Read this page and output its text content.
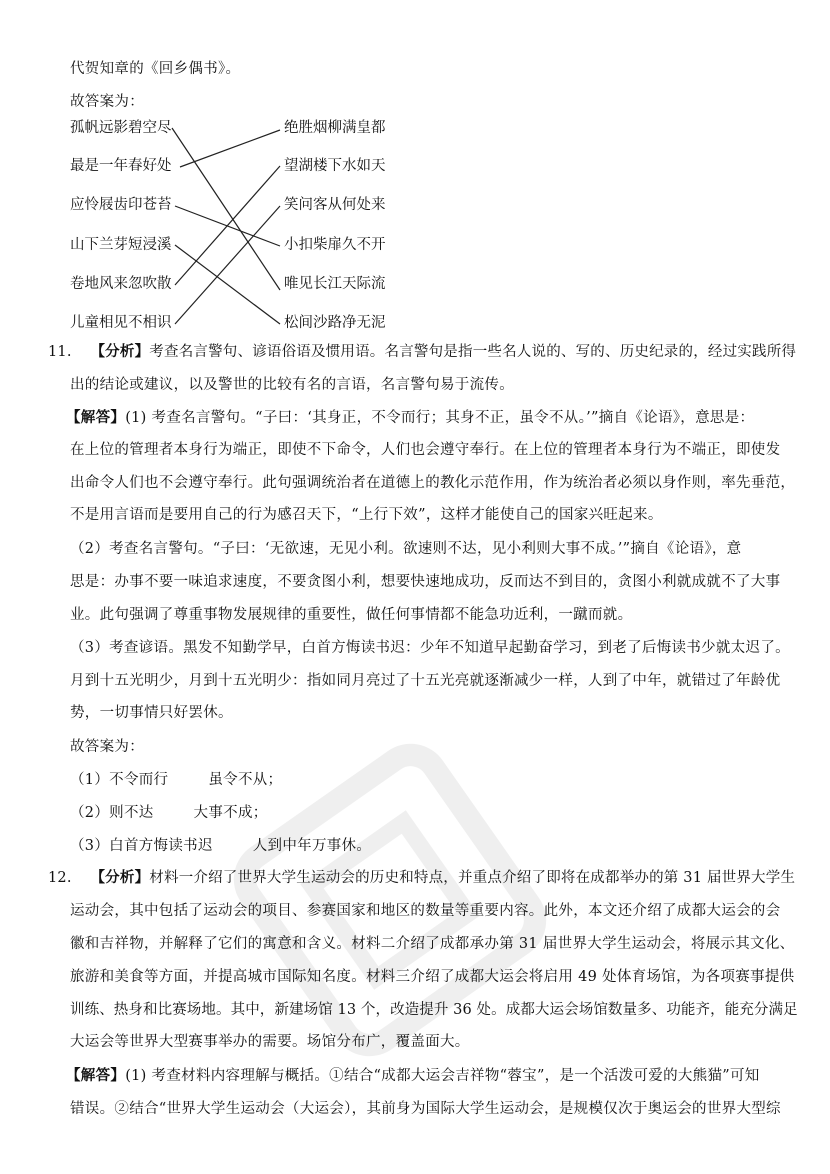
代贺知章的《回乡偶书》。
故答案为：
孤帆远影碧空尽
最是一年春好处
应怜屐齿印苍苔
山下兰芽短浸溪
卷地风来忽吹散
儿童相见不相识
绝胜烟柳满皇都
望湖楼下水如天
笑问客从何处来
小扣柴扉久不开
唯见长江天际流
松间沙路净无泥
11. 【分析】考查名言警句、谚语俗语及惯用语。名言警句是指一些名人说的、写的、历史纪录的，经过实践所得
出的结论或建议，以及警世的比较有名的言语，名言警句易于流传。
【解答】(1) 考查名言警句。“子曰：‘其身正，不令而行；其身不正，虽令不从。’”摘自《论语》，意思是：
在上位的管理者本身行为端正，即使不下命令，人们也会遵守奉行。在上位的管理者本身行为不端正，即使发
出命令人们也不会遵守奉行。此句强调统治者在道德上的教化示范作用，作为统治者必须以身作则，率先垂范，
不是用言语而是要用自己的行为感召天下，“上行下效”，这样才能使自己的国家兴旺起来。
（2）考查名言警句。“子曰：‘无欲速，无见小利。欲速则不达，见小利则大事不成。’”摘自《论语》，意
思是：办事不要一味追求速度，不要贪图小利，想要快速地成功，反而达不到目的，贪图小利就成就不了大事
业。此句强调了尊重事物发展规律的重要性，做任何事情都不能急功近利，一蹴而就。
（3）考查谚语。黑发不知勤学早，白首方悔读书迟：少年不知道早起勤奋学习，到老了后悔读书少就太迟了。
月到十五光明少，月到十五光明少：指如同月亮过了十五光亮就逐渐减少一样，人到了中年，就错过了年龄优
势，一切事情只好罢休。
故答案为：
（1）不令而行	虽令不从；
（2）则不达	大事不成；
（3）白首方悔读书迟	人到中年万事休。
12. 【分析】材料一介绍了世界大学生运动会的历史和特点，并重点介绍了即将在成都举办的第 31 届世界大学生
运动会，其中包括了运动会的项目、参赛国家和地区的数量等重要内容。此外，本文还介绍了成都大运会的会
徽和吉祥物，并解释了它们的寓意和含义。材料二介绍了成都承办第 31 届世界大学生运动会，将展示其文化、
旅游和美食等方面，并提高城市国际知名度。材料三介绍了成都大运会将启用 49 处体育场馆，为各项赛事提供
训练、热身和比赛场地。其中，新建场馆 13 个，改造提升 36 处。成都大运会场馆数量多、功能齐，能充分满足
大运会等世界大型赛事举办的需要。场馆分布广，覆盖面大。
【解答】(1) 考查材料内容理解与概括。①结合“成都大运会吉祥物“蓉宝”，是一个活泼可爱的大熊猫”可知
错误。②结合“世界大学生运动会（大运会），其前身为国际大学生运动会，是规模仅次于奥运会的世界大型综
